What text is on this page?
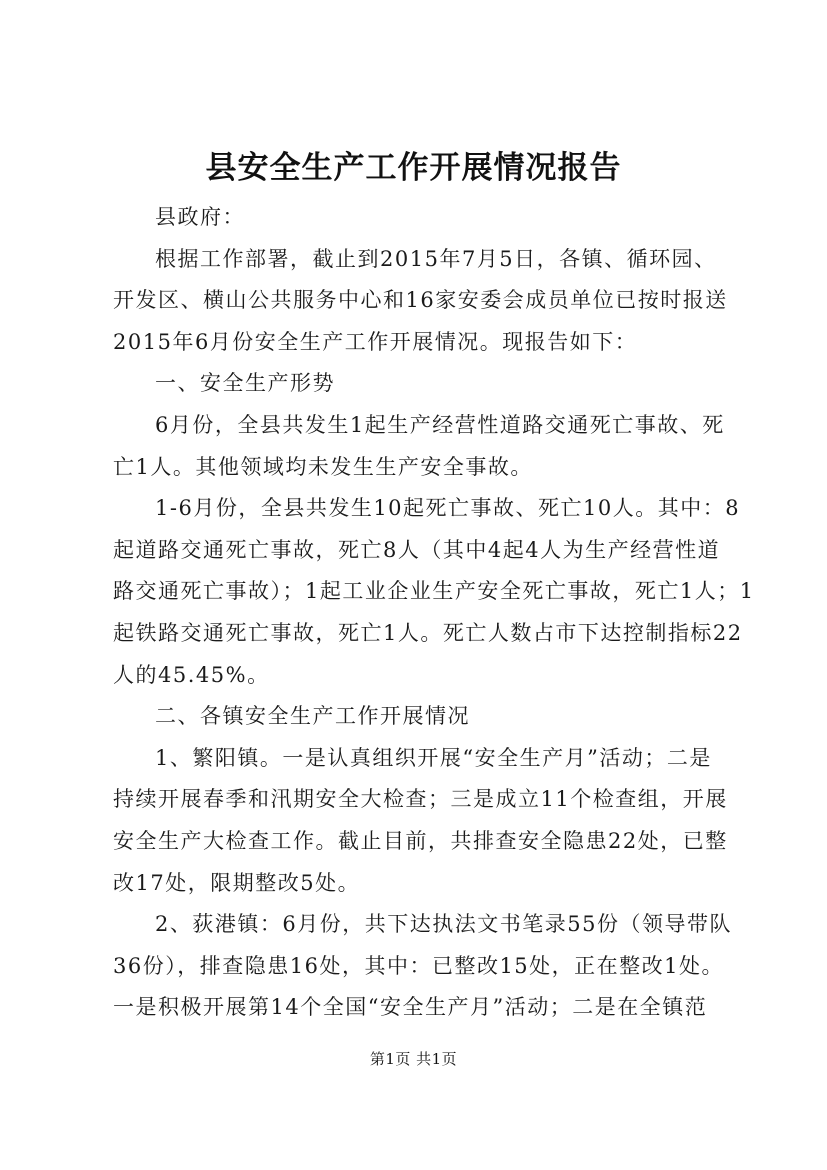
县安全生产工作开展情况报告

县政府：

根据工作部署，截止到2015年7月5日，各镇、循环园、

开发区、横山公共服务中心和16家安委会成员单位已按时报送

2015年6月份安全生产工作开展情况。现报告如下：

一、安全生产形势

6月份，全县共发生1起生产经营性道路交通死亡事故、死

亡1人。其他领域均未发生生产安全事故。

1-6月份，全县共发生10起死亡事故、死亡10人。其中：8

起道路交通死亡事故，死亡8人（其中4起4人为生产经营性道

路交通死亡事故）；1起工业企业生产安全死亡事故，死亡1人；1

起铁路交通死亡事故，死亡1人。死亡人数占市下达控制指标22

人的45.45%。

二、各镇安全生产工作开展情况

1、繁阳镇。一是认真组织开展“安全生产月”活动；二是

持续开展春季和汛期安全大检查；三是成立11个检查组，开展

安全生产大检查工作。截止目前，共排查安全隐患22处，已整

改17处，限期整改5处。

2、荻港镇：6月份，共下达执法文书笔录55份（领导带队

36份），排查隐患16处，其中：已整改15处，正在整改1处。

一是积极开展第14个全国“安全生产月”活动；二是在全镇范

第1页 共1页
